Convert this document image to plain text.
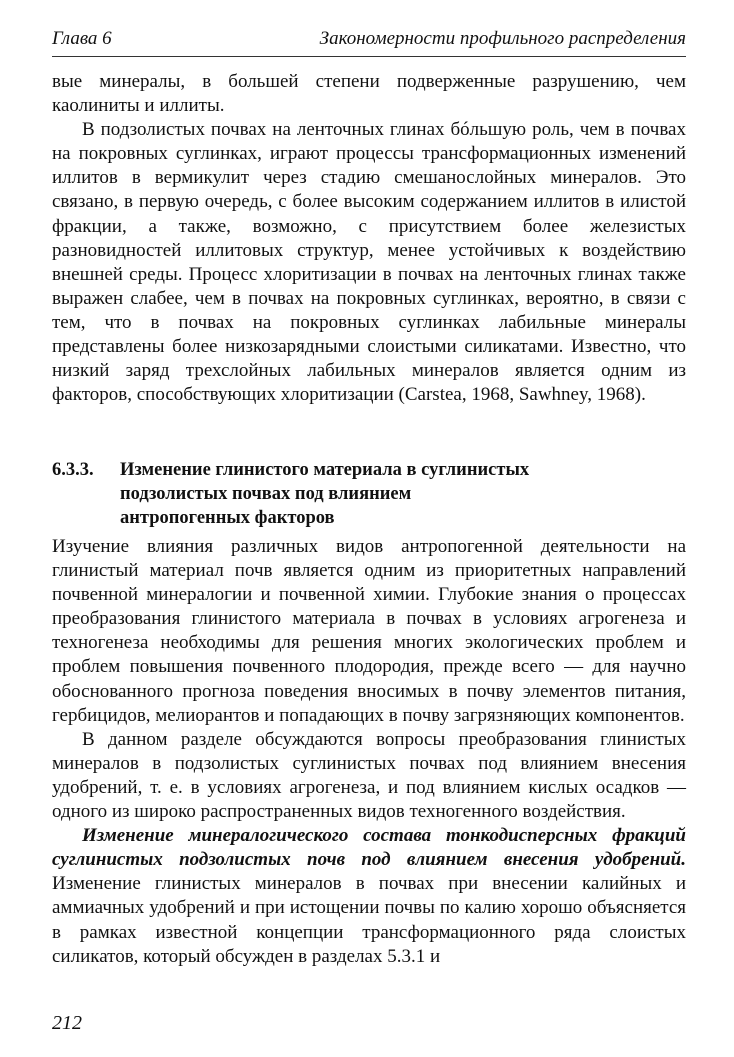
Глава 6	Закономерности профильного распределения

вые минералы, в большей степени подверженные разрушению, чем каолиниты и иллиты.

В подзолистых почвах на ленточных глинах бóльшую роль, чем в почвах на покровных суглинках, играют процессы трансформационных изменений иллитов в вермикулит через стадию смешанослойных минералов. Это связано, в первую очередь, с более высоким содержанием иллитов в илистой фракции, а также, возможно, с присутствием более железистых разновидностей иллитовых структур, менее устойчивых к воздействию внешней среды. Процесс хлоритизации в почвах на ленточных глинах также выражен слабее, чем в почвах на покровных суглинках, вероятно, в связи с тем, что в почвах на покровных суглинках лабильные минералы представлены более низкозарядными слоистыми силикатами. Известно, что низкий заряд трехслойных лабильных минералов является одним из факторов, способствующих хлоритизации (Carstea, 1968, Sawhney, 1968).

6.3.3. Изменение глинистого материала в суглинистых
подзолистых почвах под влиянием
антропогенных факторов

Изучение влияния различных видов антропогенной деятельности на глинистый материал почв является одним из приоритетных направлений почвенной минералогии и почвенной химии. Глубокие знания о процессах преобразования глинистого материала в почвах в условиях агрогенеза и техногенеза необходимы для решения многих экологических проблем и проблем повышения почвенного плодородия, прежде всего — для научно обоснованного прогноза поведения вносимых в почву элементов питания, гербицидов, мелиорантов и попадающих в почву загрязняющих компонентов.

В данном разделе обсуждаются вопросы преобразования глинистых минералов в подзолистых суглинистых почвах под влиянием внесения удобрений, т. е. в условиях агрогенеза, и под влиянием кислых осадков — одного из широко распространенных видов техногенного воздействия.

Изменение минералогического состава тонкодисперсных фракций суглинистых подзолистых почв под влиянием внесения удобрений. Изменение глинистых минералов в почвах при внесении калийных и аммиачных удобрений и при истощении почвы по калию хорошо объясняется в рамках известной концепции трансформационного ряда слоистых силикатов, который обсужден в разделах 5.3.1 и

212
